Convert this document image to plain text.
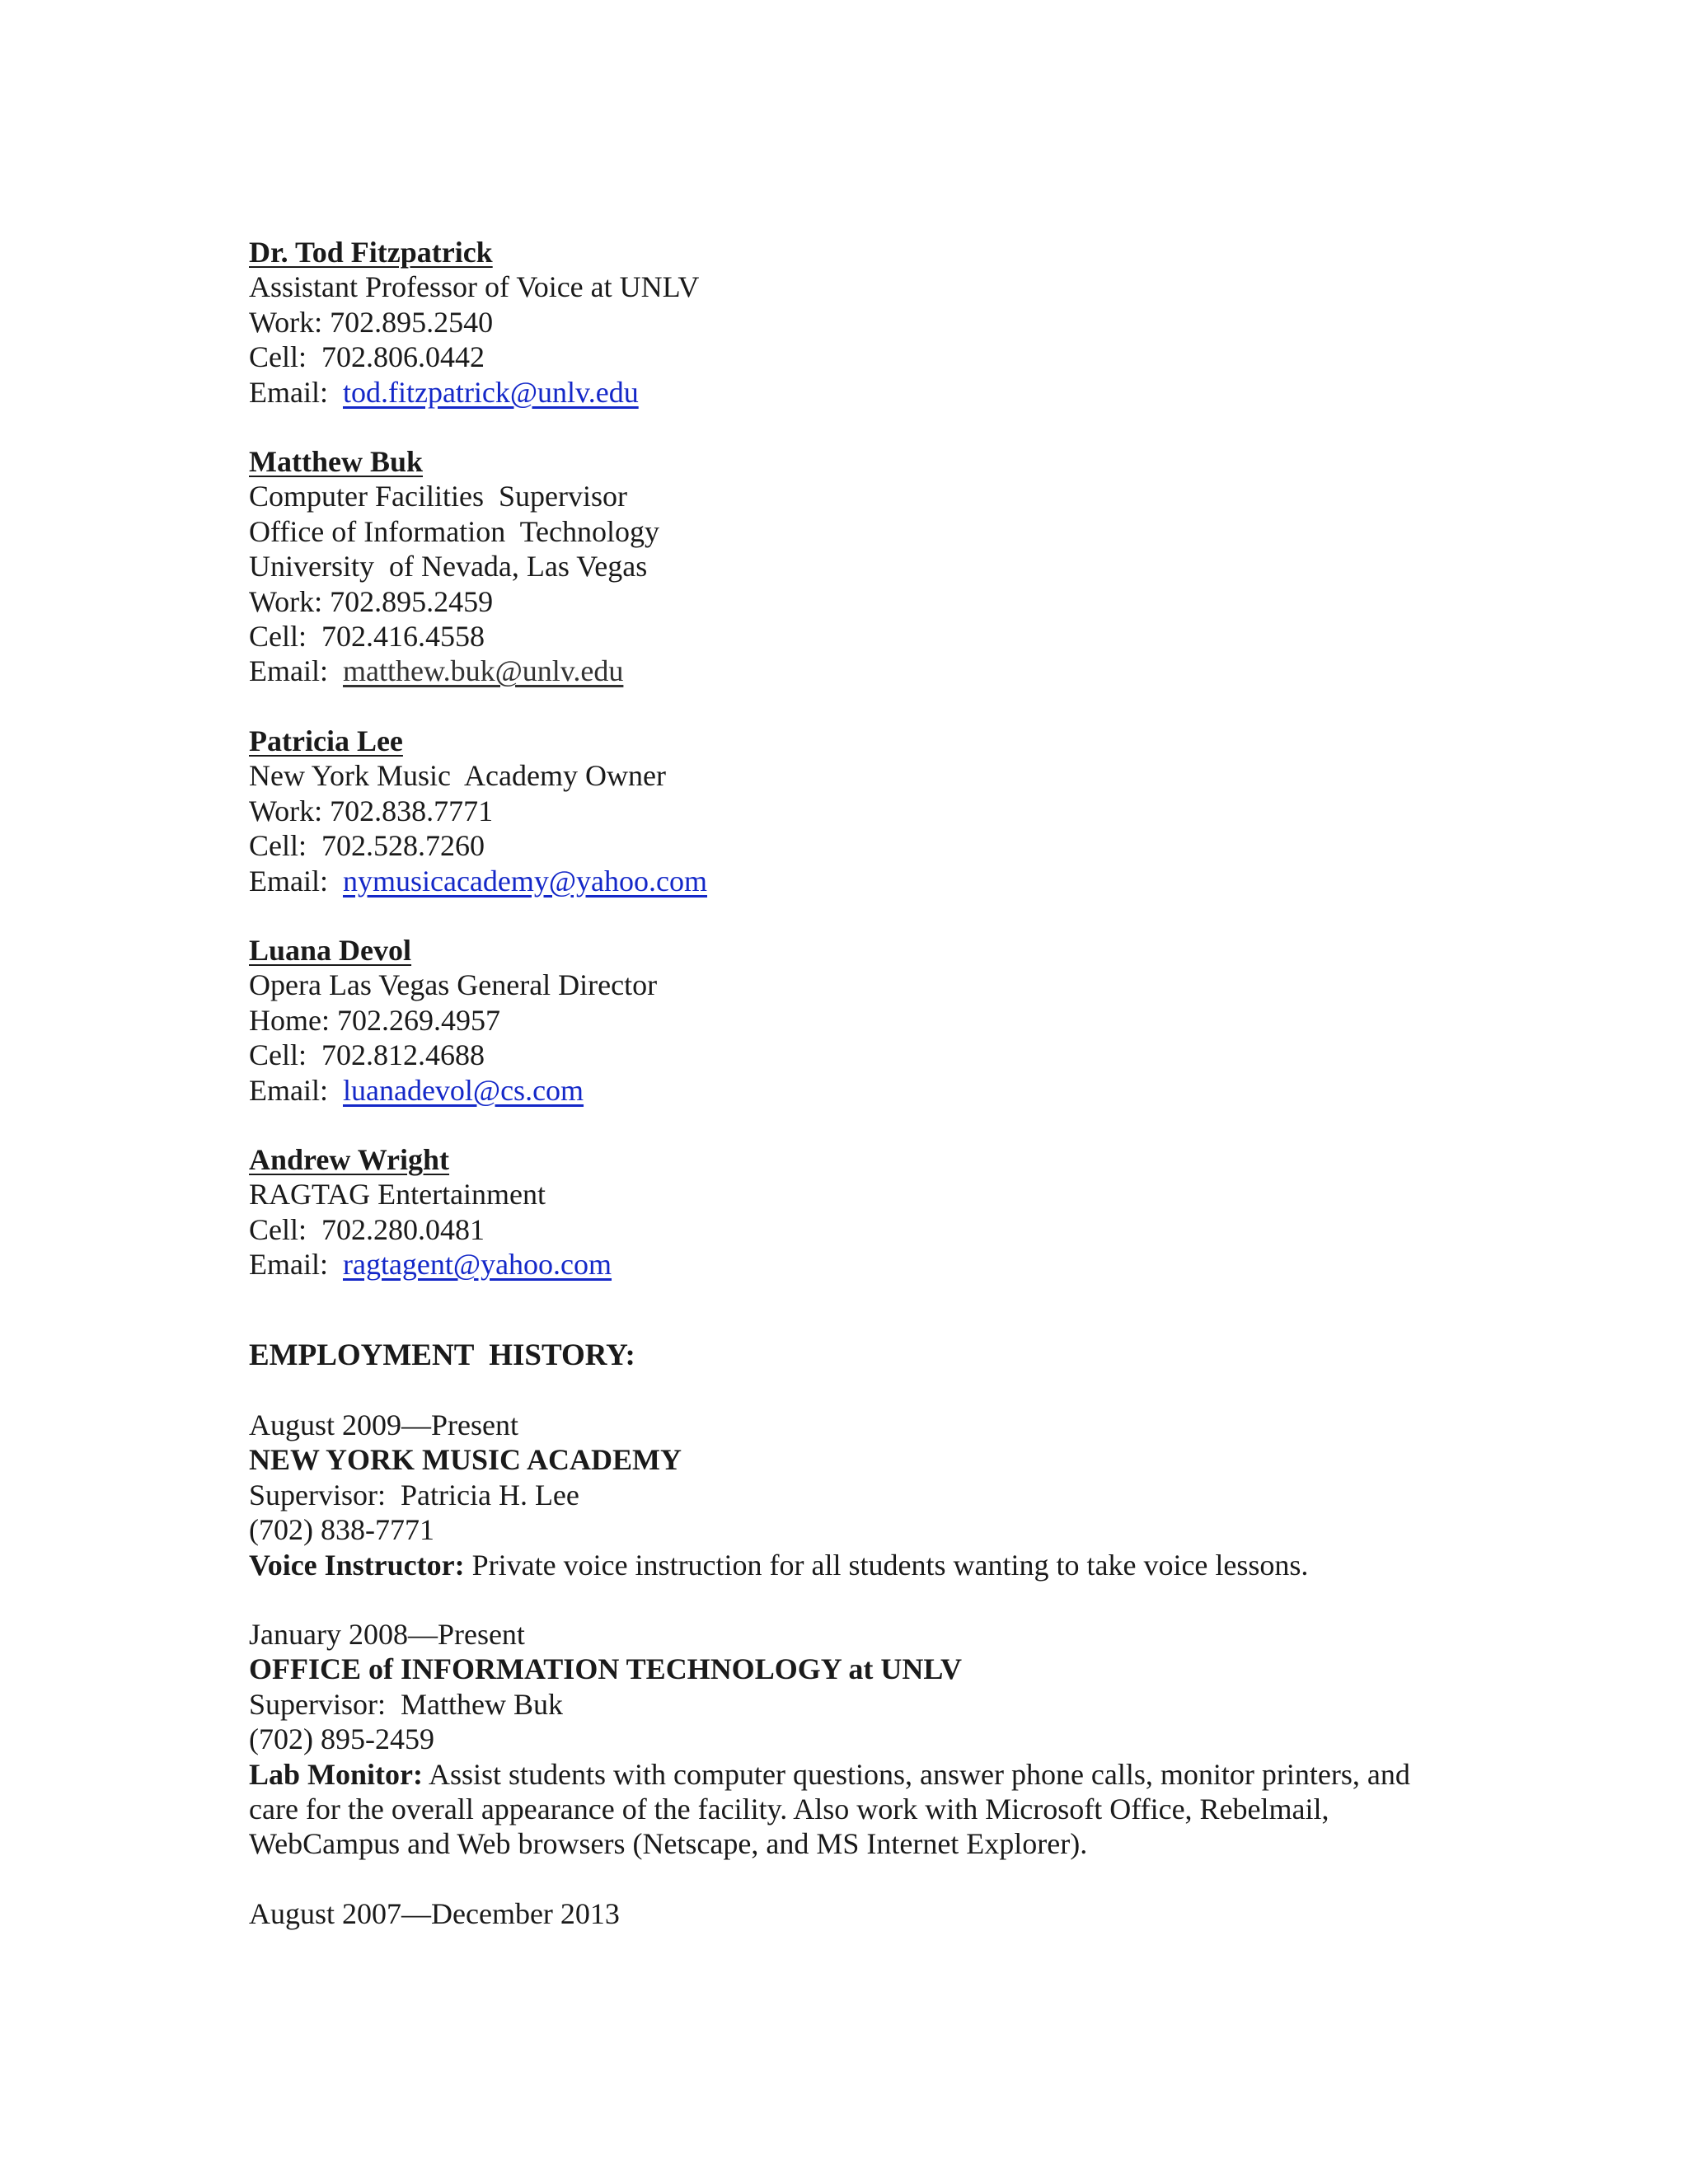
Dr. Tod Fitzpatrick
Assistant Professor of Voice at UNLV
Work: 702.895.2540
Cell:  702.806.0442
Email:  tod.fitzpatrick@unlv.edu
Matthew Buk
Computer Facilities  Supervisor
Office of Information  Technology
University  of Nevada, Las Vegas
Work: 702.895.2459
Cell:  702.416.4558
Email:  matthew.buk@unlv.edu
Patricia Lee
New York Music  Academy Owner
Work: 702.838.7771
Cell:  702.528.7260
Email:  nymusicacademy@yahoo.com
Luana Devol
Opera Las Vegas General Director
Home: 702.269.4957
Cell:  702.812.4688
Email:  luanadevol@cs.com
Andrew Wright
RAGTAG Entertainment
Cell:  702.280.0481
Email:  ragtagent@yahoo.com
EMPLOYMENT  HISTORY:
August 2009—Present
NEW YORK MUSIC ACADEMY
Supervisor:  Patricia H. Lee
(702) 838-7771
Voice Instructor: Private voice instruction for all students wanting to take voice lessons.
January 2008—Present
OFFICE of INFORMATION TECHNOLOGY at UNLV
Supervisor:  Matthew Buk
(702) 895-2459
Lab Monitor: Assist students with computer questions, answer phone calls, monitor printers, and care for the overall appearance of the facility. Also work with Microsoft Office, Rebelmail, WebCampus and Web browsers (Netscape, and MS Internet Explorer).
August 2007—December 2013
